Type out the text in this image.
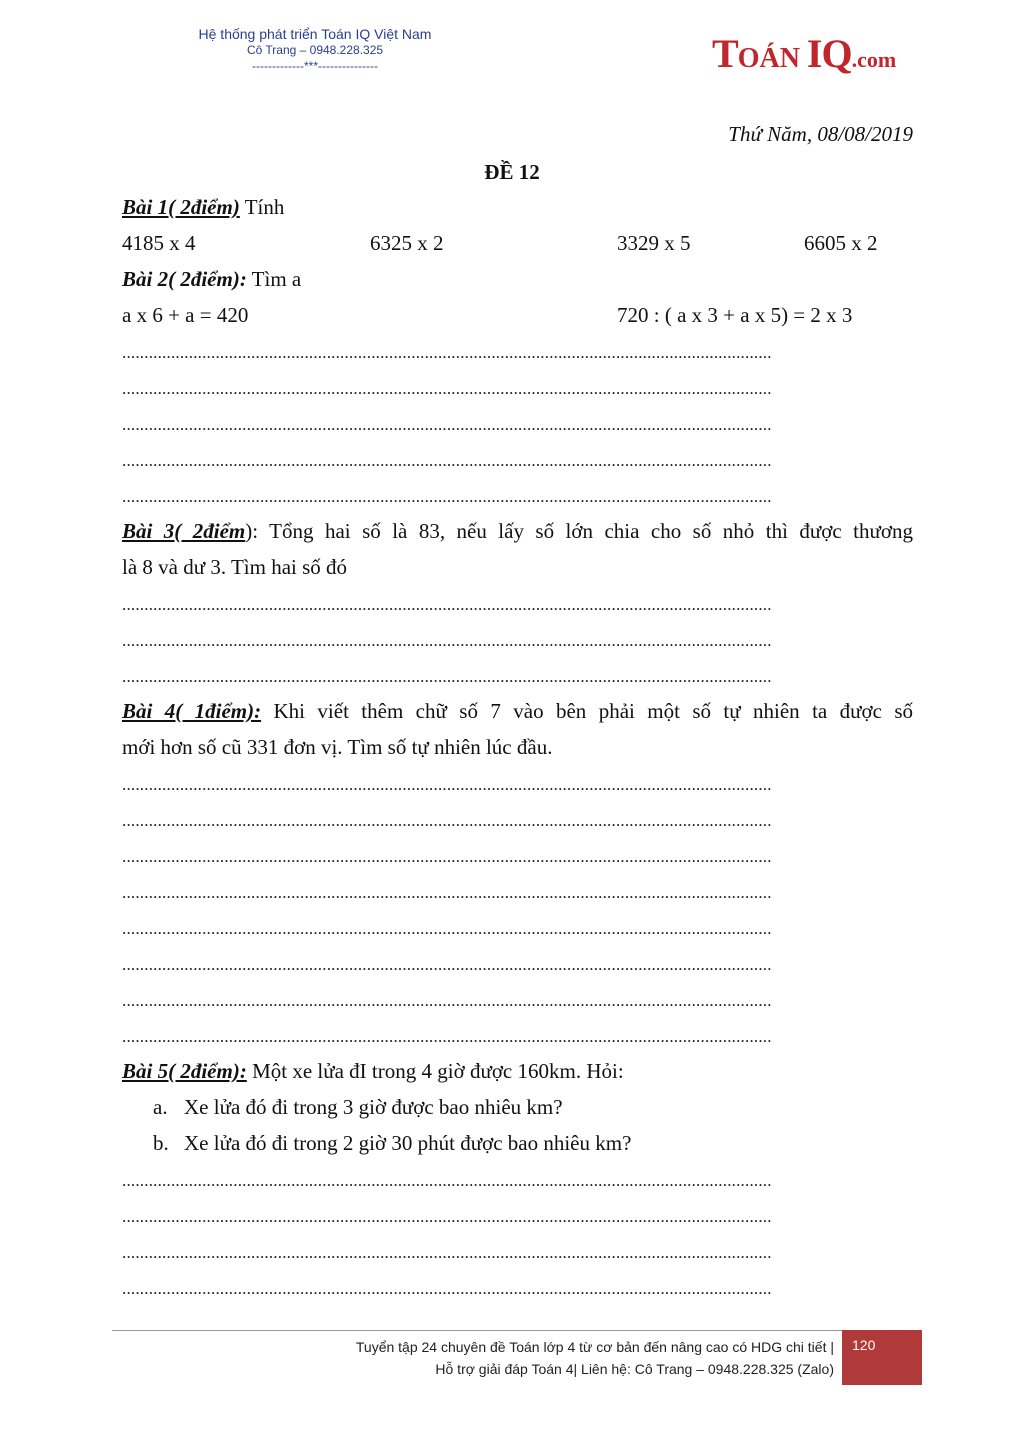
Hệ thống phát triển Toán IQ Việt Nam
Cô Trang – 0948.228.325
-------------***---------------	TOÁN IQ.com
Thứ Năm, 08/08/2019
ĐỀ 12
Bài 1( 2điểm) Tính
4185 x 4	6325 x 2	3329 x 5	6605 x 2
Bài 2( 2điểm): Tìm a
a x 6 + a = 420	720 : ( a x 3 + a x 5) = 2 x 3
..................................................................................................................................................
..................................................................................................................................................
..................................................................................................................................................
..................................................................................................................................................
..................................................................................................................................................
Bài 3( 2điểm): Tổng hai số là 83, nếu lấy số lớn chia cho số nhỏ thì được thương
là 8 và dư 3. Tìm hai số đó
..................................................................................................................................................
..................................................................................................................................................
..................................................................................................................................................
Bài 4( 1điểm): Khi viết thêm chữ số 7 vào bên phải một số tự nhiên ta được số
mới hơn số cũ 331 đơn vị. Tìm số tự nhiên lúc đầu.
..................................................................................................................................................
..................................................................................................................................................
..................................................................................................................................................
..................................................................................................................................................
..................................................................................................................................................
..................................................................................................................................................
..................................................................................................................................................
..................................................................................................................................................
Bài 5( 2điểm): Một xe lửa đI trong 4 giờ được 160km. Hỏi:
a. Xe lửa đó đi trong 3 giờ được bao nhiêu km?
b. Xe lửa đó đi trong 2 giờ 30 phút được bao nhiêu km?
..................................................................................................................................................
..................................................................................................................................................
..................................................................................................................................................
..................................................................................................................................................
Tuyển tập 24 chuyên đề Toán lớp 4 từ cơ bản đến nâng cao có HDG chi tiết |
Hỗ trợ giải đáp Toán 4| Liên hệ: Cô Trang – 0948.228.325 (Zalo)
120
